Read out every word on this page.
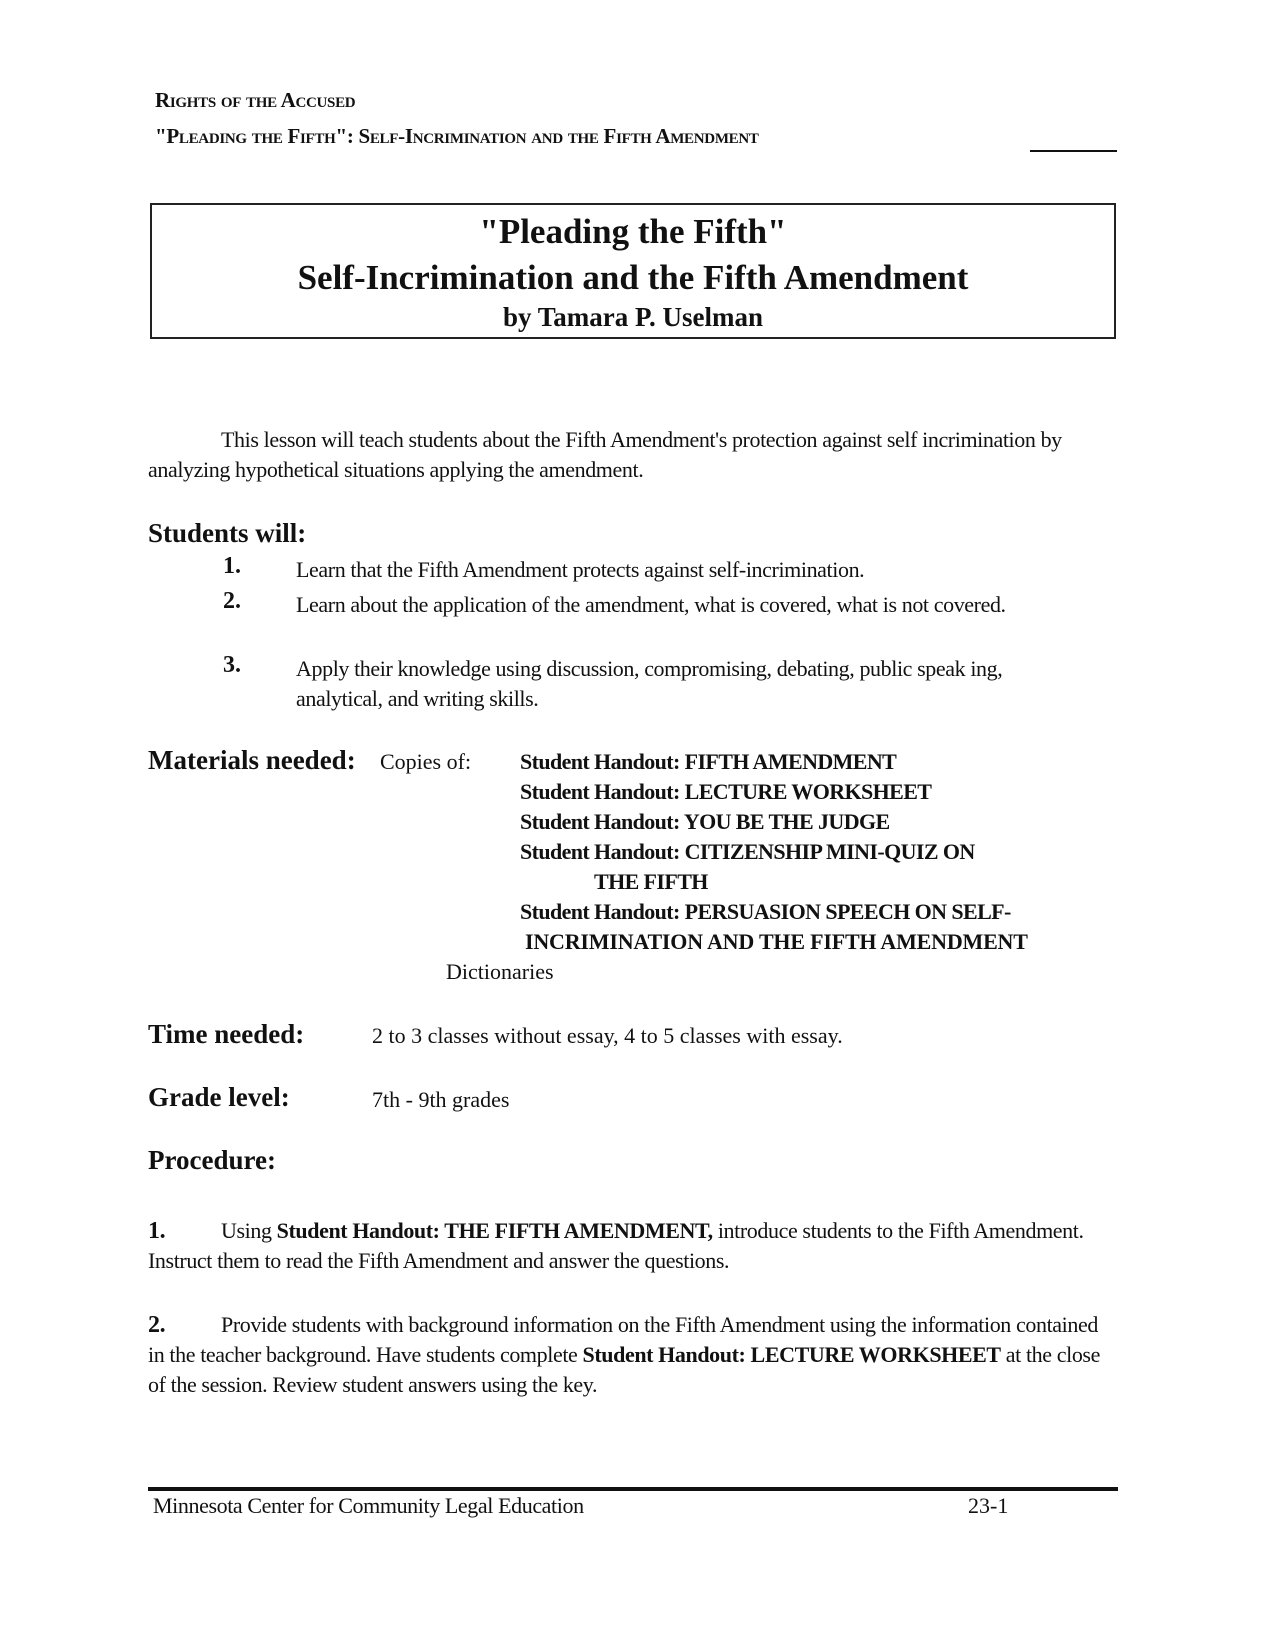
Rights of the Accused
"Pleading the Fifth": Self-Incrimination and the Fifth Amendment
"Pleading the Fifth"
Self-Incrimination and the Fifth Amendment
by Tamara P. Uselman
This lesson will teach students about the Fifth Amendment's protection against self incrimination by analyzing hypothetical situations applying the amendment.
Students will:
1.	Learn that the Fifth Amendment protects against self-incrimination.
2.	Learn about the application of the amendment, what is covered, what is not covered.
3.	Apply their knowledge using discussion, compromising, debating, public speak ing, analytical, and writing skills.
Materials needed: Copies of: Student Handout: FIFTH AMENDMENT
Student Handout: LECTURE WORKSHEET
Student Handout: YOU BE THE JUDGE
Student Handout: CITIZENSHIP MINI-QUIZ ON
THE FIFTH
Student Handout: PERSUASION SPEECH ON SELF-
INCRIMINATION AND THE FIFTH AMENDMENT
Dictionaries
Time needed:	2 to 3 classes without essay, 4 to 5 classes with essay.
Grade level:	7th - 9th grades
Procedure:
1.	Using Student Handout: THE FIFTH AMENDMENT, introduce students to the Fifth Amendment. Instruct them to read the Fifth Amendment and answer the questions.
2.	Provide students with background information on the Fifth Amendment using the information contained in the teacher background. Have students complete Student Handout: LECTURE WORKSHEET at the close of the session. Review student answers using the key.
Minnesota Center for Community Legal Education	23-1
